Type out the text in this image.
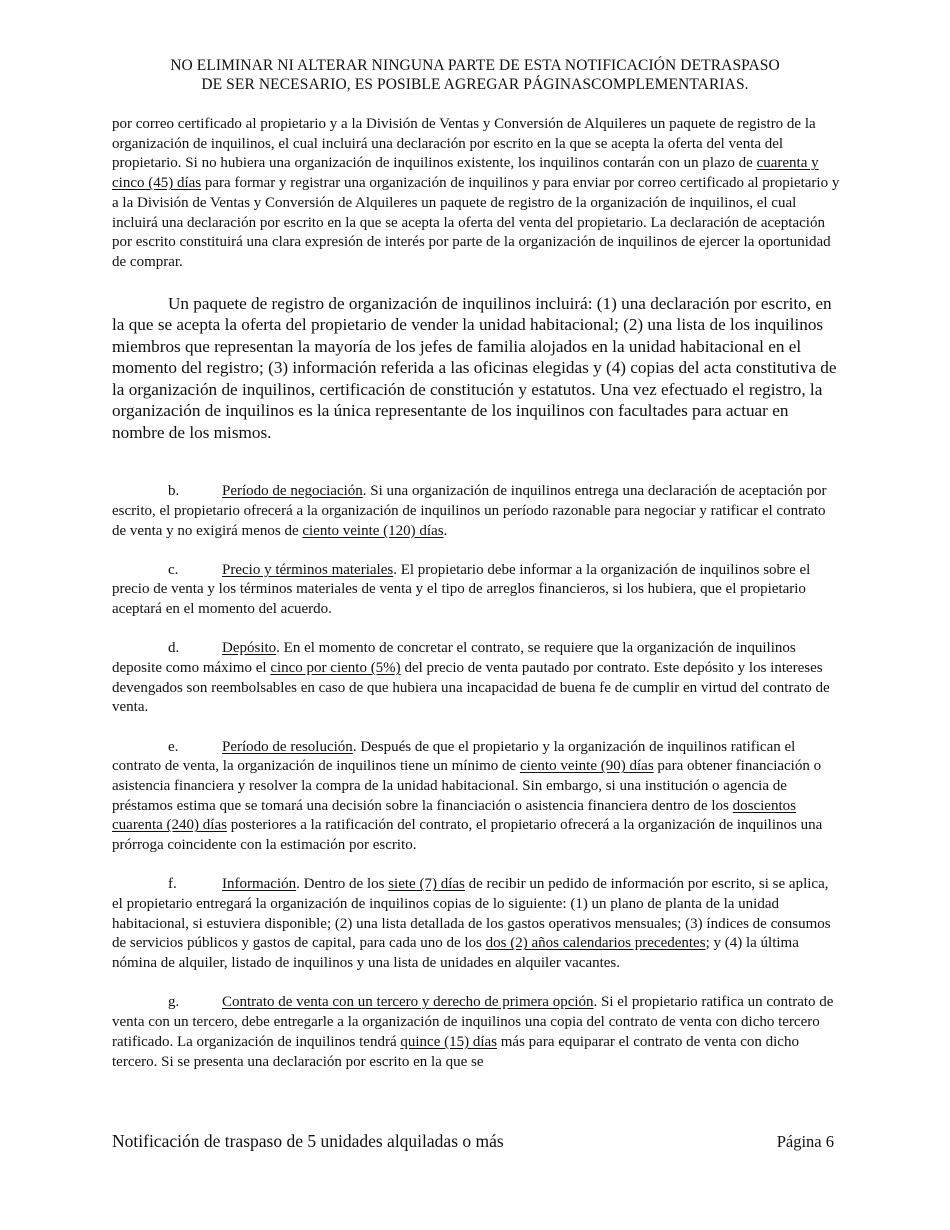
NO ELIMINAR NI ALTERAR NINGUNA PARTE DE ESTA NOTIFICACIÓN DETRASPASO
DE SER NECESARIO, ES POSIBLE AGREGAR PÁGINASCOMPLEMENTARIAS.

por correo certificado al propietario y a la División de Ventas y Conversión de Alquileres un paquete de registro de la organización de inquilinos, el cual incluirá una declaración por escrito en la que se acepta la oferta del venta del propietario. Si no hubiera una organización de inquilinos existente, los inquilinos contarán con un plazo de cuarenta y cinco (45) días para formar y registrar una organización de inquilinos y para enviar por correo certificado al propietario y a la División de Ventas y Conversión de Alquileres un paquete de registro de la organización de inquilinos, el cual incluirá una declaración por escrito en la que se acepta la oferta del venta del propietario. La declaración de aceptación por escrito constituirá una clara expresión de interés por parte de la organización de inquilinos de ejercer la oportunidad de comprar.

Un paquete de registro de organización de inquilinos incluirá: (1) una declaración por escrito, en la que se acepta la oferta del propietario de vender la unidad habitacional; (2) una lista de los inquilinos miembros que representan la mayoría de los jefes de familia alojados en la unidad habitacional en el momento del registro; (3) información referida a las oficinas elegidas y (4) copias del acta constitutiva de la organización de inquilinos, certificación de constitución y estatutos. Una vez efectuado el registro, la organización de inquilinos es la única representante de los inquilinos con facultades para actuar en nombre de los mismos.

b.	Período de negociación. Si una organización de inquilinos entrega una declaración de aceptación por escrito, el propietario ofrecerá a la organización de inquilinos un período razonable para negociar y ratificar el contrato de venta y no exigirá menos de ciento veinte (120) días.

c.	Precio y términos materiales. El propietario debe informar a la organización de inquilinos sobre el precio de venta y los términos materiales de venta y el tipo de arreglos financieros, si los hubiera, que el propietario aceptará en el momento del acuerdo.

d.	Depósito. En el momento de concretar el contrato, se requiere que la organización de inquilinos deposite como máximo el cinco por ciento (5%) del precio de venta pautado por contrato. Este depósito y los intereses devengados son reembolsables en caso de que hubiera una incapacidad de buena fe de cumplir en virtud del contrato de venta.

e.	Período de resolución. Después de que el propietario y la organización de inquilinos ratifican el contrato de venta, la organización de inquilinos tiene un mínimo de ciento veinte (90) días para obtener financiación o asistencia financiera y resolver la compra de la unidad habitacional. Sin embargo, si una institución o agencia de préstamos estima que se tomará una decisión sobre la financiación o asistencia financiera dentro de los doscientos cuarenta (240) días posteriores a la ratificación del contrato, el propietario ofrecerá a la organización de inquilinos una prórroga coincidente con la estimación por escrito.

f.	Información. Dentro de los siete (7) días de recibir un pedido de información por escrito, si se aplica, el propietario entregará la organización de inquilinos copias de lo siguiente: (1) un plano de planta de la unidad habitacional, si estuviera disponible; (2) una lista detallada de los gastos operativos mensuales; (3) índices de consumos de servicios públicos y gastos de capital, para cada uno de los dos (2) años calendarios precedentes; y (4) la última nómina de alquiler, listado de inquilinos y una lista de unidades en alquiler vacantes.

g.	Contrato de venta con un tercero y derecho de primera opción. Si el propietario ratifica un contrato de venta con un tercero, debe entregarle a la organización de inquilinos una copia del contrato de venta con dicho tercero ratificado. La organización de inquilinos tendrá quince (15) días más para equiparar el contrato de venta con dicho tercero. Si se presenta una declaración por escrito en la que se

Notificación de traspaso de 5 unidades alquiladas o más	Página 6
